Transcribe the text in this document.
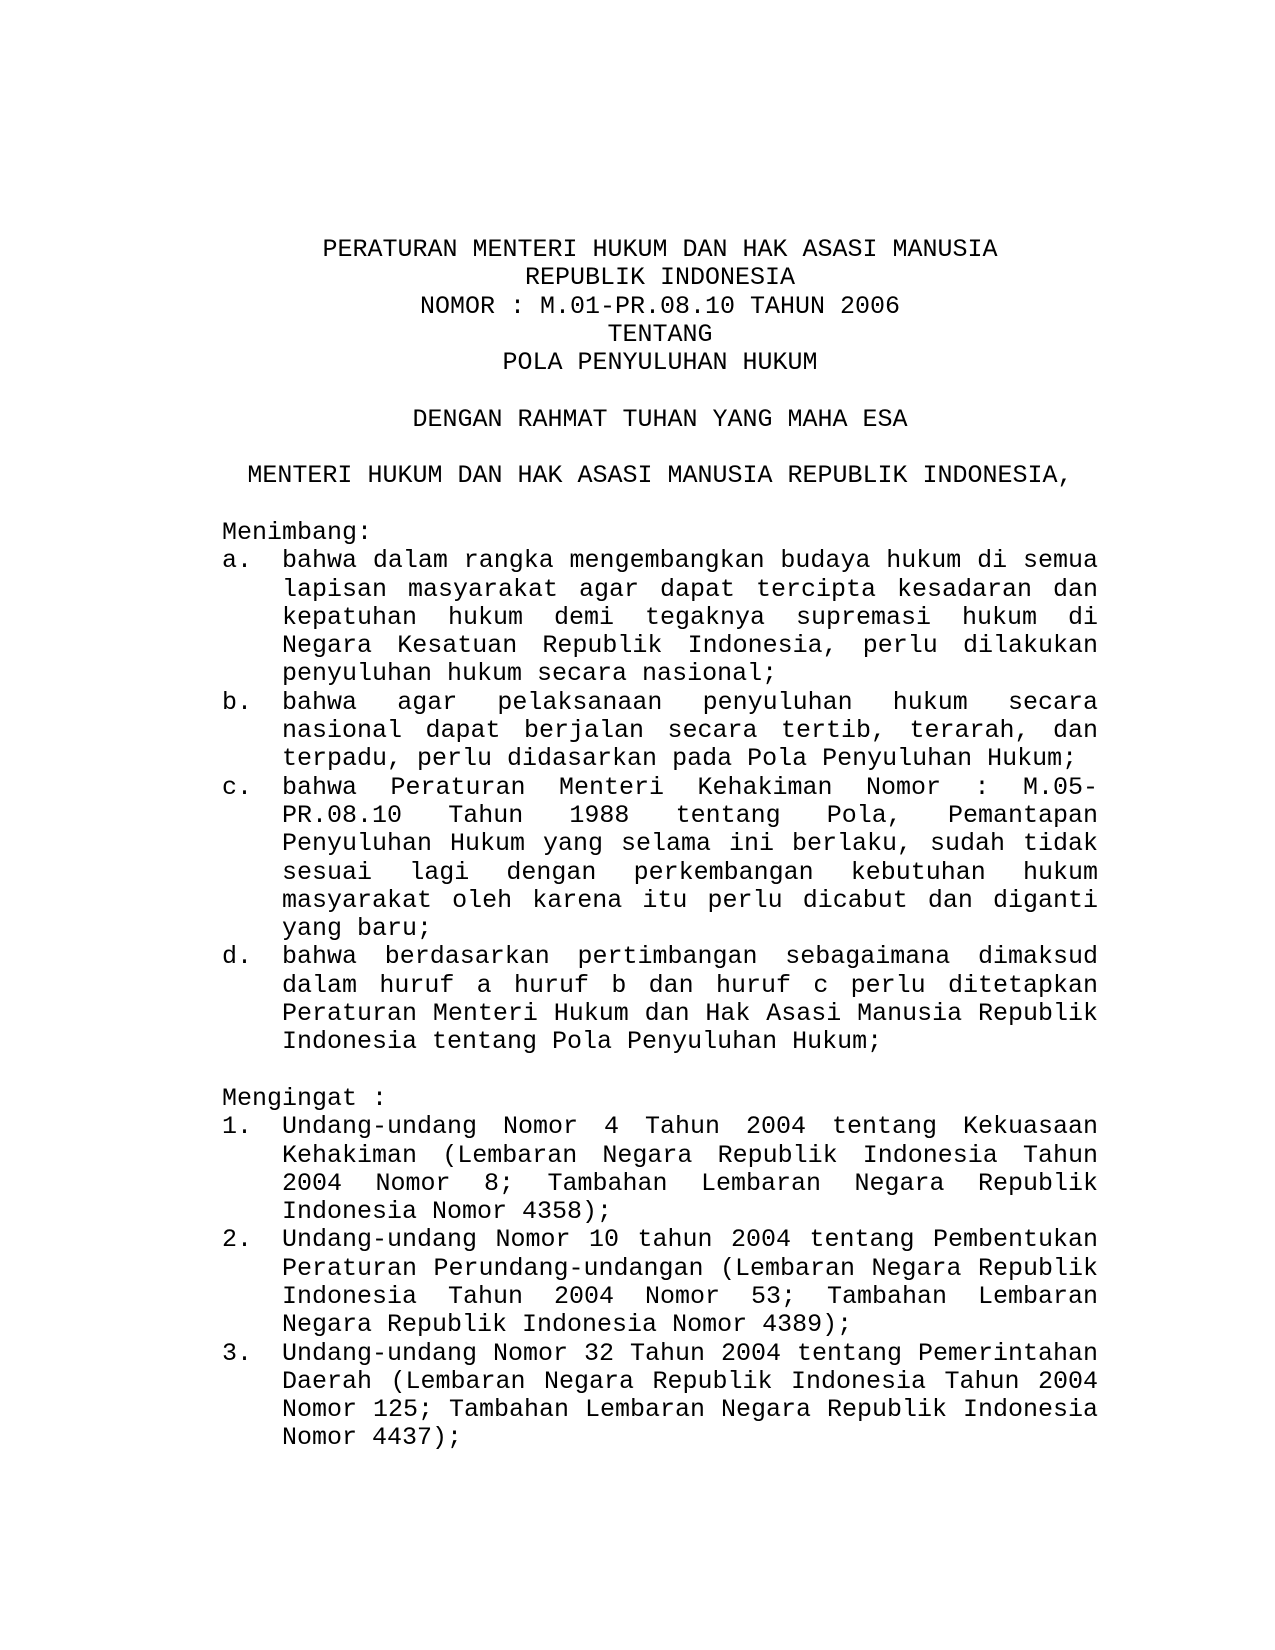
PERATURAN MENTERI HUKUM DAN HAK ASASI MANUSIA
REPUBLIK INDONESIA
NOMOR : M.01-PR.08.10 TAHUN 2006
TENTANG
POLA PENYULUHAN HUKUM
DENGAN RAHMAT TUHAN YANG MAHA ESA
MENTERI HUKUM DAN HAK ASASI MANUSIA REPUBLIK INDONESIA,
Menimbang:
a. bahwa dalam rangka mengembangkan budaya hukum di semua lapisan masyarakat agar dapat tercipta kesadaran dan kepatuhan hukum demi tegaknya supremasi hukum di Negara Kesatuan Republik Indonesia, perlu dilakukan penyuluhan hukum secara nasional;
b. bahwa agar pelaksanaan penyuluhan hukum secara nasional dapat berjalan secara tertib, terarah, dan terpadu, perlu didasarkan pada Pola Penyuluhan Hukum;
c. bahwa Peraturan Menteri Kehakiman Nomor : M.05-PR.08.10 Tahun 1988 tentang Pola, Pemantapan Penyuluhan Hukum yang selama ini berlaku, sudah tidak sesuai lagi dengan perkembangan kebutuhan hukum masyarakat oleh karena itu perlu dicabut dan diganti yang baru;
d. bahwa berdasarkan pertimbangan sebagaimana dimaksud dalam huruf a huruf b dan huruf c perlu ditetapkan Peraturan Menteri Hukum dan Hak Asasi Manusia Republik Indonesia tentang Pola Penyuluhan Hukum;
Mengingat :
1. Undang-undang Nomor 4 Tahun 2004 tentang Kekuasaan Kehakiman (Lembaran Negara Republik Indonesia Tahun 2004 Nomor 8; Tambahan Lembaran Negara Republik Indonesia Nomor 4358);
2. Undang-undang Nomor 10 tahun 2004 tentang Pembentukan Peraturan Perundang-undangan (Lembaran Negara Republik Indonesia Tahun 2004 Nomor 53; Tambahan Lembaran Negara Republik Indonesia Nomor 4389);
3. Undang-undang Nomor 32 Tahun 2004 tentang Pemerintahan Daerah (Lembaran Negara Republik Indonesia Tahun 2004 Nomor 125; Tambahan Lembaran Negara Republik Indonesia Nomor 4437);
